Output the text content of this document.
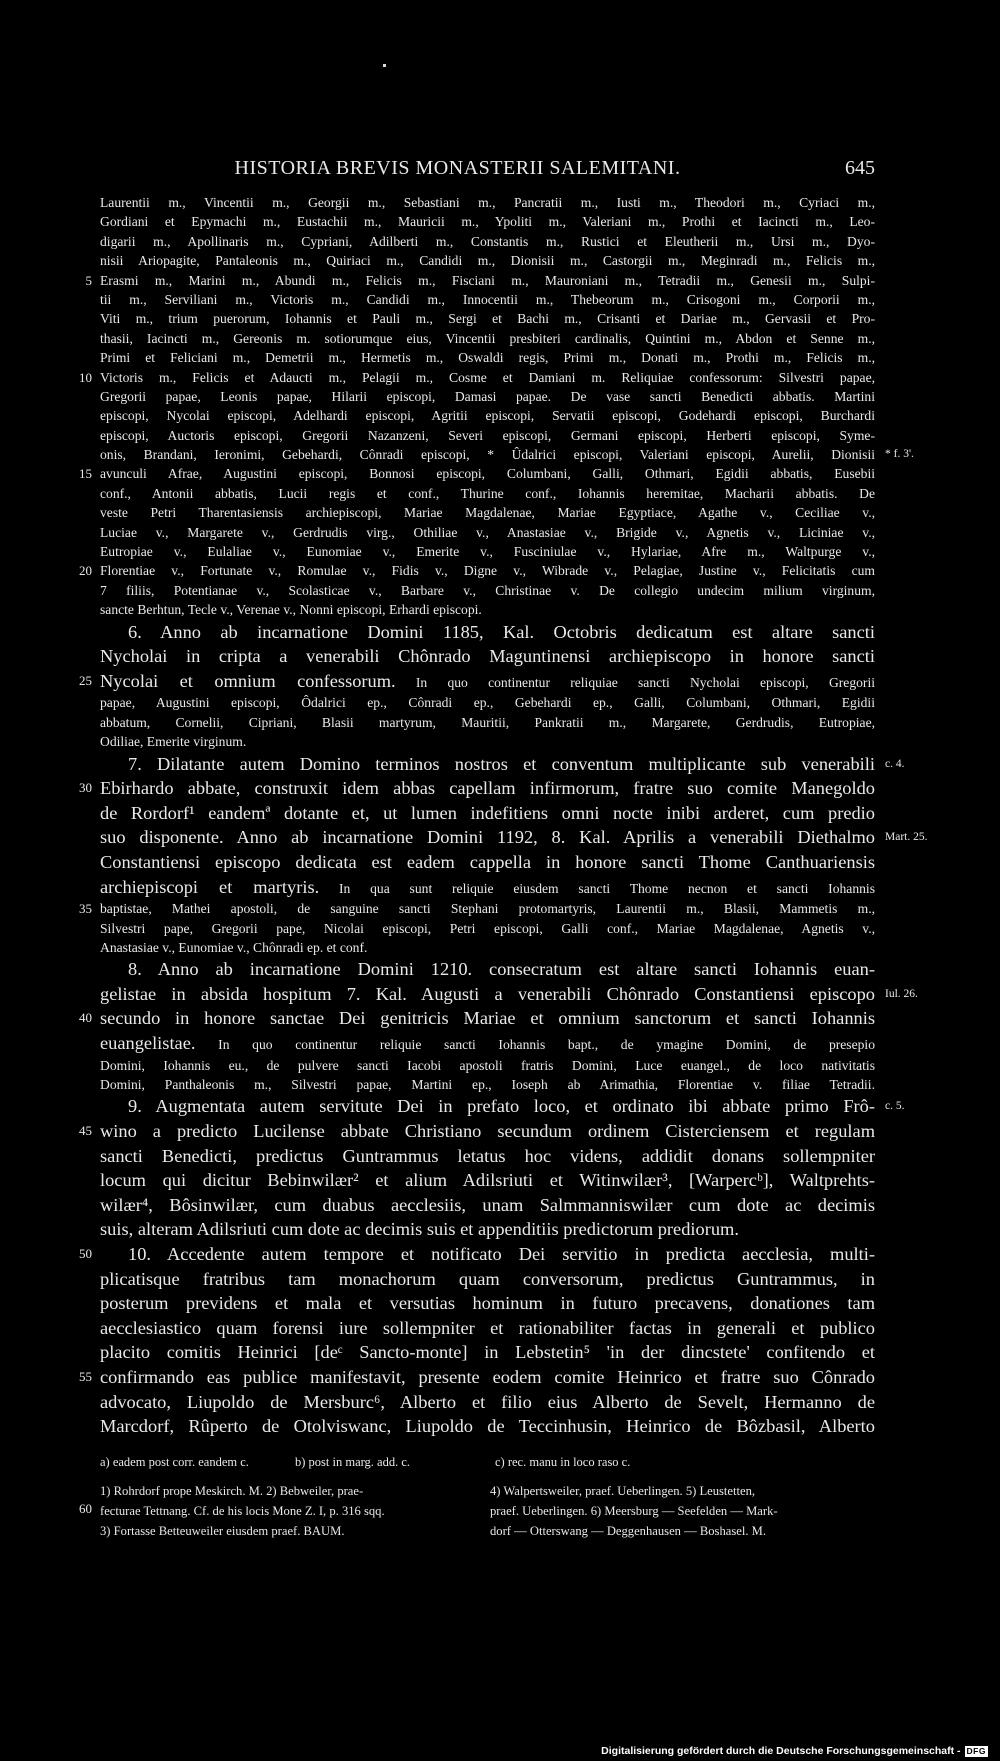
HISTORIA BREVIS MONASTERII SALEMITANI.	645
Laurentii m., Vincentii m., Georgii m., Sebastiani m., Pancratii m., Iusti m., Theodori m., Cyriaci m.,
Gordiani et Epymachi m., Eustachii m., Mauricii m., Ypoliti m., Valeriani m., Prothi et Iacincti m., Leo-
digarii m., Apollinaris m., Cypriani, Adilberti m., Constantis m., Rustici et Eleutherii m., Ursi m., Dyo-
nisii Ariopagite, Pantaleonis m., Quiriaci m., Candidi m., Dionisii m., Castorgii m., Meginradi m., Felicis m.,
5 Erasmi m., Marini m., Abundi m., Felicis m., Fisciani m., Mauroniani m., Tetradii m., Genesii m., Sulpi-
tii m., Serviliani m., Victoris m., Candidi m., Innocentii m., Thebeorum m., Crisogoni m., Corporii m.,
Viti m., trium puerorum, Iohannis et Pauli m., Sergi et Bachi m., Crisanti et Dariae m., Gervasii et Pro-
thasii, Iacincti m., Gereonis m. sotiorumque eius, Vincentii presbiteri cardinalis, Quintini m., Abdon et Senne m.,
Primi et Feliciani m., Demetrii m., Hermetis m., Oswaldi regis, Primi m., Donati m., Prothi m., Felicis m.,
10 Victoris m., Felicis et Adaucti m., Pelagii m., Cosme et Damiani m. Reliquiae confessorum: Silvestri papae,
Gregorii papae, Leonis papae, Hilarii episcopi, Damasi papae. De vase sancti Benedicti abbatis. Martini
episcopi, Nycolai episcopi, Adelhardi episcopi, Agritii episcopi, Servatii episcopi, Godehardi episcopi, Burchardi
episcopi, Auctoris episcopi, Gregorii Nazanzeni, Severi episcopi, Germani episcopi, Herberti episcopi, Syme-
onis, Brandani, Ieronimi, Gebehardi, Cônradi episcopi, * Ûdalrici episcopi, Valeriani episcopi, Aurelii, Dionisii * f. 3'.
15 avunculi Afrae, Augustini episcopi, Bonnosi episcopi, Columbani, Galli, Othmari, Egidii abbatis, Eusebii
conf., Antonii abbatis, Lucii regis et conf., Thurine conf., Iohannis heremitae, Macharii abbatis. De
veste Petri Tharentasiensis archiepiscopi, Mariae Magdalenae, Mariae Egyptiace, Agathe v., Ceciliae v.,
Luciae v., Margarete v., Gerdrudis virg., Othiliae v., Anastasiae v., Brigide v., Agnetis v., Liciniae v.,
Eutropiae v., Eulaliae v., Eunomiae v., Emerite v., Fusciniulae v., Hylariae, Afre m., Waltpurge v.,
20 Florentiae v., Fortunate v., Romulae v., Fidis v., Digne v., Wibrade v., Pelagiae, Justine v., Felicitatis cum
7 filiis, Potentianae v., Scolasticae v., Barbare v., Christinae v. De collegio undecim milium virginum,
sancte Berhtun, Tecle v., Verenae v., Nonni episcopi, Erhardi episcopi.
6. Anno ab incarnatione Domini 1185, Kal. Octobris dedicatum est altare sancti
Nycholai in cripta a venerabili Chônrado Maguntinensi archiepiscopo in honore sancti
25 Nycolai et omnium confessorum. In quo continentur reliquiae sancti Nycholai episcopi, Gregorii
papae, Augustini episcopi, Ôdalrici ep., Cônradi ep., Gebehardi ep., Galli, Columbani, Othmari, Egidii
abbatum, Cornelii, Cipriani, Blasii martyrum, Mauritii, Pankratii m., Margarete, Gerdrudis, Eutropiae,
Odiliae, Emerite virginum.
7. Dilatante autem Domino terminos nostros et conventum multiplicante sub venerabili c. 4.
30 Ebirhardo abbate, construxit idem abbas capellam infirmorum, fratre suo comite Manegoldo
de Rordorf¹ eandemª dotante et, ut lumen indefitiens omni nocte inibi arderet, cum predio
suo disponente. Anno ab incarnatione Domini 1192, 8. Kal. Aprilis a venerabili Diethalmo Mart. 25.
Constantiensi episcopo dedicata est eadem cappella in honore sancti Thome Canthuariensis
archiepiscopi et martyris. In qua sunt reliquie eiusdem sancti Thome necnon et sancti Iohannis
35 baptistae, Mathei apostoli, de sanguine sancti Stephani protomartyris, Laurentii m., Blasii, Mammetis m.,
Silvestri pape, Gregorii pape, Nicolai episcopi, Petri episcopi, Galli conf., Mariae Magdalenae, Agnetis v.,
Anastasiae v., Eunomiae v., Chônradi ep. et conf.
8. Anno ab incarnatione Domini 1210. consecratum est altare sancti Iohannis euan-
gelistae in absida hospitum 7. Kal. Augusti a venerabili Chônrado Constantiensi episcopo Iul. 26.
40 secundo in honore sanctae Dei genitricis Mariae et omnium sanctorum et sancti Iohannis
euangelistae. In quo continentur reliquie sancti Iohannis bapt., de ymagine Domini, de presepio
Domini, Iohannis eu., de pulvere sancti Iacobi apostoli fratris Domini, Luce euangel., de loco nativitatis
Domini, Panthaleonis m., Silvestri papae, Martini ep., Ioseph ab Arimathia, Florentiae v. filiae Tetradii.
9. Augmentata autem servitute Dei in prefato loco, et ordinato ibi abbate primo Frô- c. 5.
45 wino a predicto Lucilense abbate Christiano secundum ordinem Cisterciensem et regulam
sancti Benedicti, predictus Guntrammus letatus hoc videns, addidit donans sollempniter
locum qui dicitur Bebinwilær² et alium Adilsriuti et Witinwilær³, [Warpercᵇ], Waltprehts-
wilær⁴, Bôsinwilær, cum duabus aecclesiis, unam Salmmanniswilær cum dote ac decimis
suis, alteram Adilsriuti cum dote ac decimis suis et appenditiis predictorum prediorum.
50 10. Accedente autem tempore et notificato Dei servitio in predicta aecclesia, multi-
plicatisque fratribus tam monachorum quam conversorum, predictus Guntrammus, in
posterum previdens et mala et versutias hominum in futuro precavens, donationes tam
aecclesiastico quam forensi iure sollempniter et rationabiliter factas in generali et publico
placito comitis Heinrici [deᶜ Sancto-monte] in Lebstetin⁵ 'in der dincstete' confitendo et
55 confirmando eas publice manifestavit, presente eodem comite Heinrico et fratre suo Cônrado
advocato, Liupoldo de Mersburc⁶, Alberto et filio eius Alberto de Sevelt, Hermanno de
Marcdorf, Rûperto de Otolviswanc, Liupoldo de Teccinhusin, Heinrico de Bôzbasil, Alberto
a) eadem post corr. eandem c.	b) post in marg. add. c.	c) rec. manu in loco raso c.
60
1) Rohrdorf prope Meskirch. M. 2) Bebweiler, prae-
fecturae Tettnang. Cf. de his locis Mone Z. I, p. 316 sqq.
3) Fortasse Betteuweiler eiusdem praef. BAUM.
4) Walpertsweiler, praef. Ueberlingen. 5) Leustetten,
praef. Ueberlingen. 6) Meersburg — Seefelden — Mark-
dorf — Otterswang — Deggenhausen — Boshasel. M.
Digitalisierung gefördert durch die Deutsche Forschungsgemeinschaft - DFG
